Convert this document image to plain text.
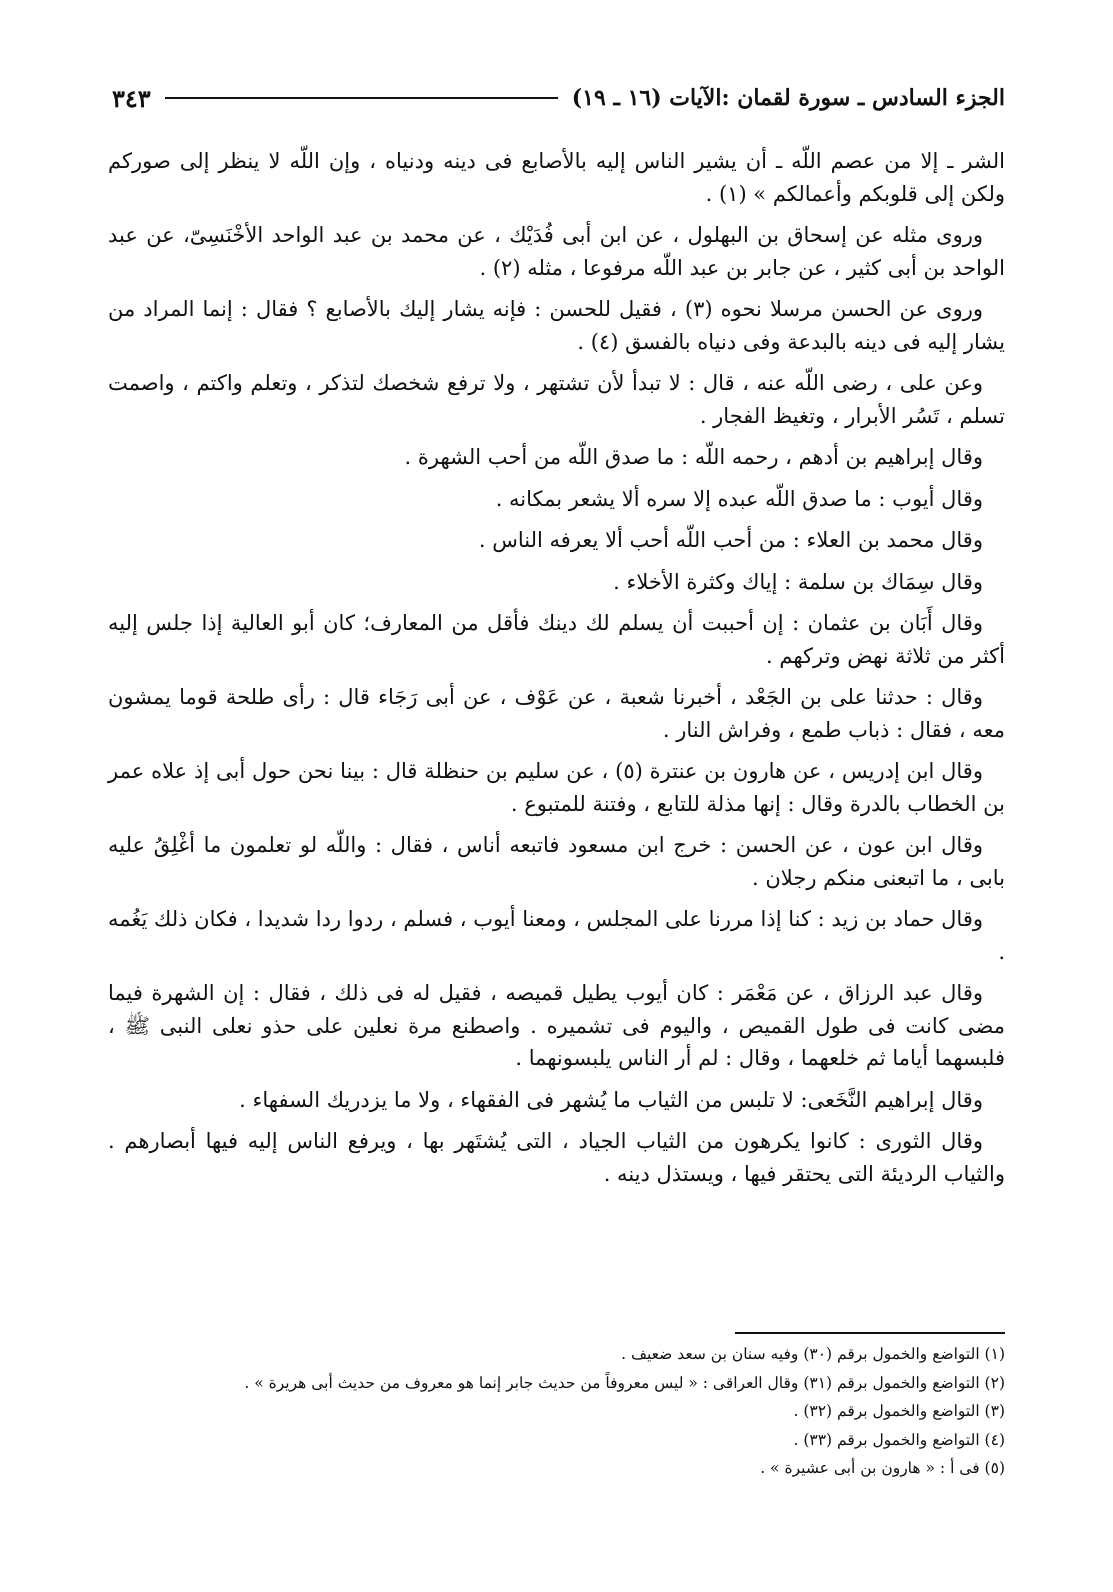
الجزء السادس ـ سورة لقمان :الآيات (١٦ ـ ١٩)
٣٤٣

الشر ـ إلا من عصم اللّه ـ أن يشير الناس إليه بالأصابع فى دينه ودنياه ، وإن اللّه لا ينظر إلى صوركم ولكن إلى قلوبكم وأعمالكم » (١) .

وروى مثله عن إسحاق بن البهلول ، عن ابن أبى فُدَيْك ، عن محمد بن عبد الواحد الأخْنَسِىّ، عن عبد الواحد بن أبى كثير ، عن جابر بن عبد اللّه مرفوعا ، مثله (٢) .

وروى عن الحسن مرسلا نحوه (٣) ، فقيل للحسن : فإنه يشار إليك بالأصابع ؟ فقال : إنما المراد من يشار إليه فى دينه بالبدعة وفى دنياه بالفسق (٤) .

وعن على ، رضى اللّه عنه ، قال : لا تبدأ لأن تشتهر ، ولا ترفع شخصك لتذكر ، وتعلم واكتم ، واصمت تسلم ، تَسُر الأبرار ، وتغيظ الفجار .

وقال إبراهيم بن أدهم ، رحمه اللّه : ما صدق اللّه من أحب الشهرة .

وقال أيوب : ما صدق اللّه عبده إلا سره ألا يشعر بمكانه .

وقال محمد بن العلاء : من أحب اللّه أحب ألا يعرفه الناس .

وقال سِمَاك بن سلمة : إياك وكثرة الأخلاء .

وقال أَبَان بن عثمان : إن أحببت أن يسلم لك دينك فأقل من المعارف؛ كان أبو العالية إذا جلس إليه أكثر من ثلاثة نهض وتركهم .

وقال : حدثنا على بن الجَعْد ، أخبرنا شعبة ، عن عَوْف ، عن أبى رَجَاء قال : رأى طلحة قوما يمشون معه ، فقال : ذباب طمع ، وفراش النار .

وقال ابن إدريس ، عن هارون بن عنترة (٥) ، عن سليم بن حنظلة قال : بينا نحن حول أبى إذ علاه عمر بن الخطاب بالدرة وقال : إنها مذلة للتابع ، وفتنة للمتبوع .

وقال ابن عون ، عن الحسن : خرج ابن مسعود فاتبعه أناس ، فقال : واللّه لو تعلمون ما أغْلِقُ عليه بابى ، ما اتبعنى منكم رجلان .

وقال حماد بن زيد : كنا إذا مررنا على المجلس ، ومعنا أيوب ، فسلم ، ردوا ردا شديدا ، فكان ذلك يَغُمه .

وقال عبد الرزاق ، عن مَعْمَر : كان أيوب يطيل قميصه ، فقيل له فى ذلك ، فقال : إن الشهرة فيما مضى كانت فى طول القميص ، واليوم فى تشميره . واصطنع مرة نعلين على حذو نعلى النبى ﷺ ، فلبسهما أياما ثم خلعهما ، وقال : لم أر الناس يلبسونهما .

وقال إبراهيم النَّخَعى: لا تلبس من الثياب ما يُشهر فى الفقهاء ، ولا ما يزدريك السفهاء .

وقال الثورى : كانوا يكرهون من الثياب الجياد ، التى يُشتَهر بها ، ويرفع الناس إليه فيها أبصارهم . والثياب الرديئة التى يحتقر فيها ، ويستذل دينه .

(١) التواضع والخمول برقم (٣٠) وفيه سنان بن سعد ضعيف .
(٢) التواضع والخمول برقم (٣١) وقال العراقى : « ليس معروفاً من حديث جابر إنما هو معروف من حديث أبى هريرة » .
(٣) التواضع والخمول برقم (٣٢) .
(٤) التواضع والخمول برقم (٣٣) .
(٥) فى أ : « هارون بن أبى عشيرة » .
